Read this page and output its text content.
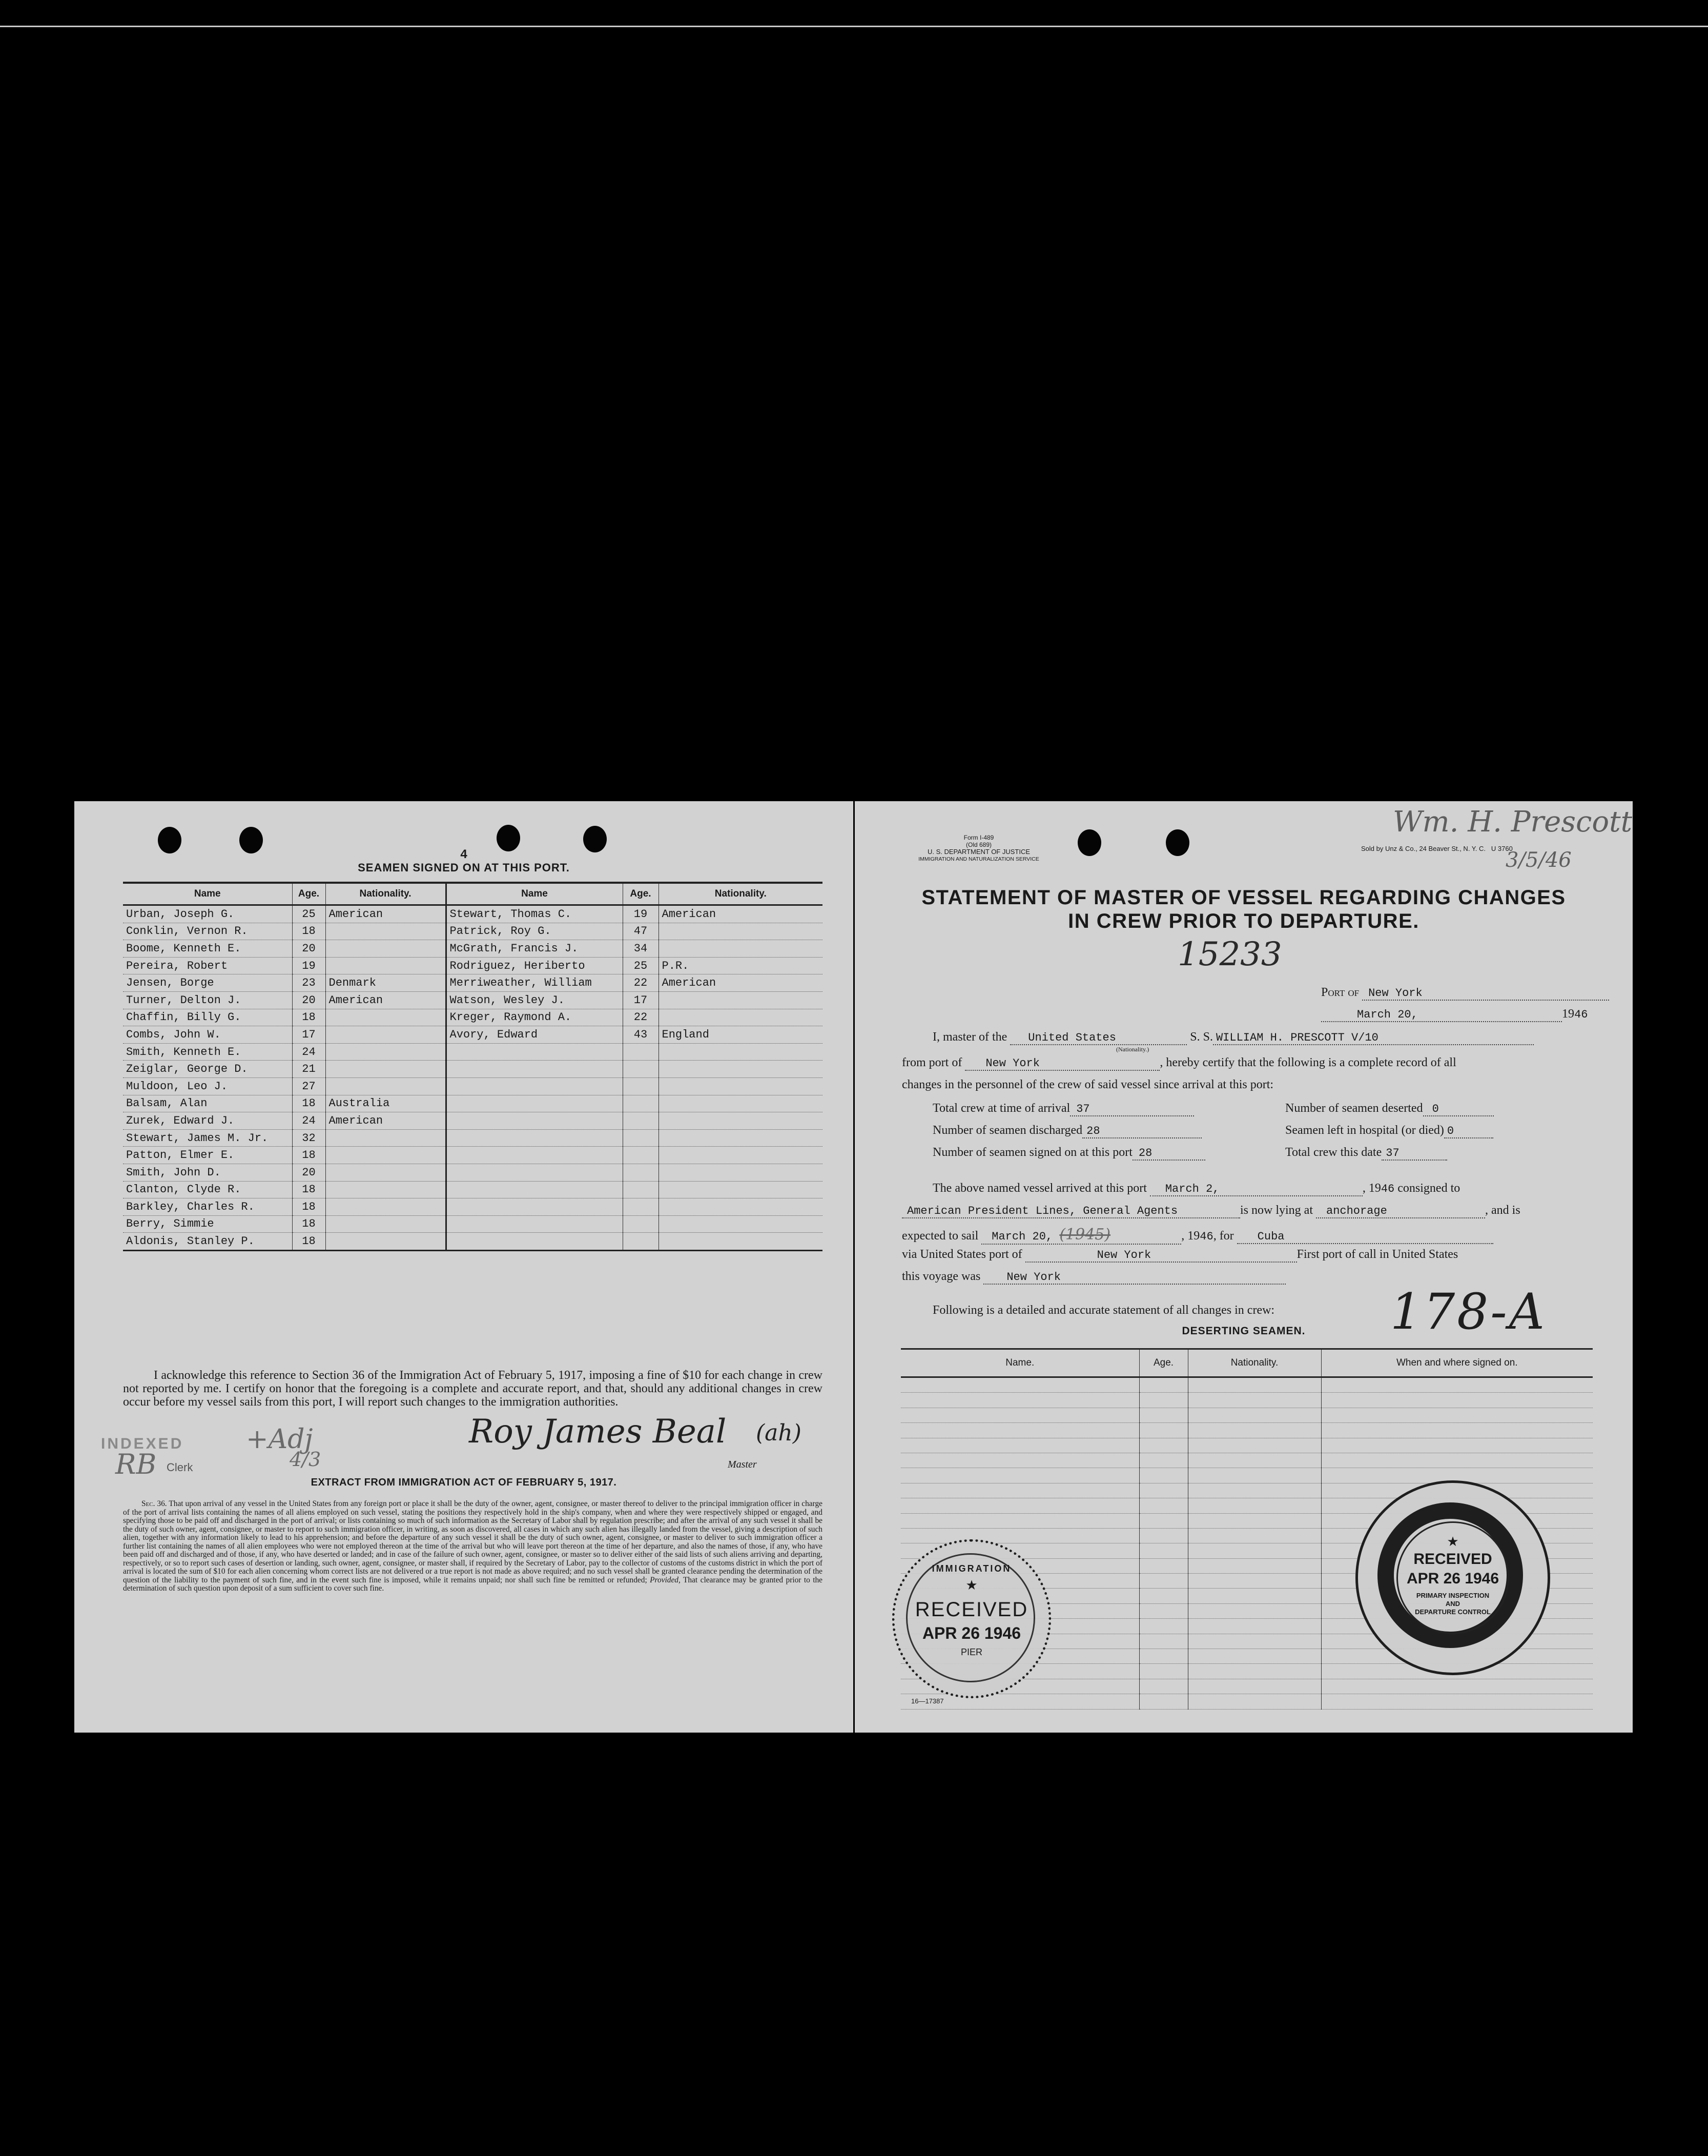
4
SEAMEN SIGNED ON AT THIS PORT.
Name	Age.	Nationality.	Name	Age.	Nationality.
Urban, Joseph G.	25	American	Stewart, Thomas C.	19	American
Conklin, Vernon R.	18		Patrick, Roy G.	47	
Boome, Kenneth E.	20		McGrath, Francis J.	34	
Pereira, Robert	19		Rodriguez, Heriberto	25	P.R.
Jensen, Borge	23	Denmark	Merriweather, William	22	American
Turner, Delton J.	20	American	Watson, Wesley J.	17	
Chaffin, Billy G.	18		Kreger, Raymond A.	22	
Combs, John W.	17		Avory, Edward	43	England
Smith, Kenneth E.	24				
Zeiglar, George D.	21				
Muldoon, Leo J.	27				
Balsam, Alan	18	Australia			
Zurek, Edward J.	24	American			
Stewart, James M. Jr.	32				
Patton, Elmer E.	18				
Smith, John D.	20				
Clanton, Clyde R.	18				
Barkley, Charles R.	18				
Berry, Simmie	18				
Aldonis, Stanley P.	18				
I acknowledge this reference to Section 36 of the Immigration Act of February 5, 1917, imposing a fine of $10 for each change in crew not reported by me. I certify on honor that the foregoing is a complete and accurate report, and that, should any additional changes in crew occur before my vessel sails from this port, I will report such changes to the immigration authorities.
INDEXED +Adj
RB Clerk	4/3
Roy James Beal (ah)
Master
EXTRACT FROM IMMIGRATION ACT OF FEBRUARY 5, 1917.
Sec. 36. That upon arrival of any vessel in the United States from any foreign port or place it shall be the duty of the owner, agent, consignee, or master thereof to deliver to the principal immigration officer in charge of the port of arrival lists containing the names of all aliens employed on such vessel, stating the positions they respectively hold in the ship's company, when and where they were respectively shipped or engaged, and specifying those to be paid off and discharged in the port of arrival; or lists containing so much of such information as the Secretary of Labor shall by regulation prescribe; and after the arrival of any such vessel it shall be the duty of such owner, agent, consignee, or master to report to such immigration officer, in writing, as soon as discovered, all cases in which any such alien has illegally landed from the vessel, giving a description of such alien, together with any information likely to lead to his apprehension; and before the departure of any such vessel it shall be the duty of such owner, agent, consignee, or master to deliver to such immigration officer a further list containing the names of all alien employees who were not employed thereon at the time of the arrival but who will leave port thereon at the time of her departure, and also the names of those, if any, who have been paid off and discharged and of those, if any, who have deserted or landed; and in case of the failure of such owner, agent, consignee, or master so to deliver either of the said lists of such aliens arriving and departing, respectively, or so to report such cases of desertion or landing, such owner, agent, consignee, or master shall, if required by the Secretary of Labor, pay to the collector of customs of the customs district in which the port of arrival is located the sum of $10 for each alien concerning whom correct lists are not delivered or a true report is not made as above required; and no such vessel shall be granted clearance pending the determination of the question of the liability to the payment of such fine, and in the event such fine is imposed, while it remains unpaid; nor shall such fine be remitted or refunded; Provided, That clearance may be granted prior to the determination of such question upon deposit of a sum sufficient to cover such fine.
Form I-489
(Old 689)
U. S. DEPARTMENT OF JUSTICE
IMMIGRATION AND NATURALIZATION SERVICE
Sold by Unz & Co., 24 Beaver St., N. Y. C. U 3760
Wm. H. Prescott
3/5/46
STATEMENT OF MASTER OF VESSEL REGARDING CHANGES
IN CREW PRIOR TO DEPARTURE.
15233
Port of New York
March 20,	1946
I, master of the United States	S. S. WILLIAM H. PRESCOTT V/10
(Nationality.)
from port of New York	, hereby certify that the following is a complete record of all
changes in the personnel of the crew of said vessel since arrival at this port:
Total crew at time of arrival 37
Number of seamen discharged 28
Number of seamen signed on at this port 28
Number of seamen deserted 0
Seamen left in hospital (or died) 0
Total crew this date 37
The above named vessel arrived at this port March 2,	, 1946 consigned to
American President Lines, General Agents	is now lying at anchorage	, and is
expected to sail March 20, (1945)	, 1946, for Cuba
via United States port of	New York	First port of call in United States
this voyage was New York
Following is a detailed and accurate statement of all changes in crew: 178-A
DESERTING SEAMEN.
Name.	Age.	Nationality.	When and where signed on.

IMMIGRATION
★
RECEIVED
APR 26 1946
PIER
★
RECEIVED
APR 26 1946
PRIMARY INSPECTION
AND
DEPARTURE CONTROL
16—17387
